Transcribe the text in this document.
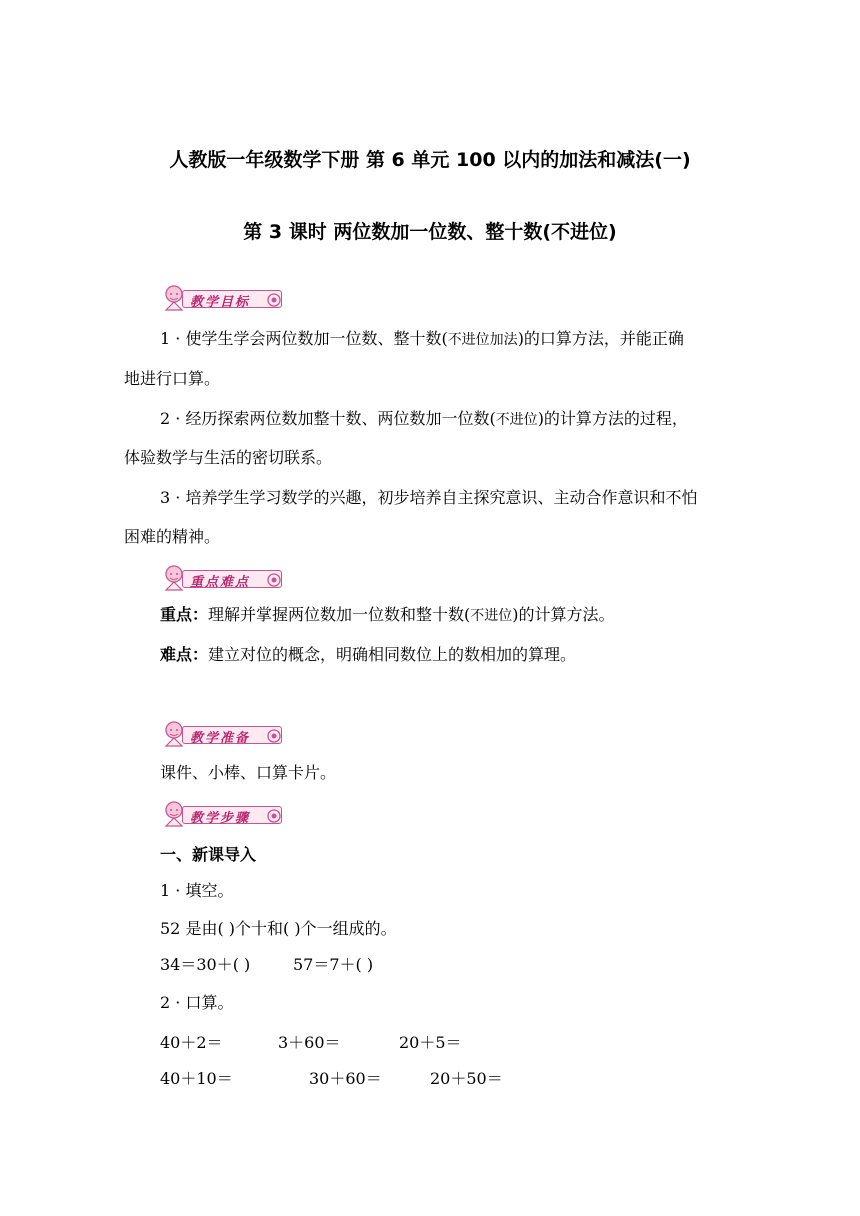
人教版一年级数学下册 第 6 单元 100 以内的加法和减法(一)
第 3 课时 两位数加一位数、整十数(不进位)
教学目标
1 · 使学生学会两位数加一位数、整十数(不进位加法)的口算方法，并能正确
地进行口算。
2 · 经历探索两位数加整十数、两位数加一位数(不进位)的计算方法的过程，
体验数学与生活的密切联系。
3 · 培养学生学习数学的兴趣，初步培养自主探究意识、主动合作意识和不怕
困难的精神。
重点难点
重点：理解并掌握两位数加一位数和整十数(不进位)的计算方法。
难点：建立对位的概念，明确相同数位上的数相加的算理。
教学准备
课件、小棒、口算卡片。
教学步骤
一、新课导入
1 · 填空。
52 是由( )个十和( )个一组成的。
34＝30＋( )	57＝7＋( )
2 · 口算。
40＋2＝	3＋60＝	20＋5＝
40＋10＝	30＋60＝	20＋50＝
